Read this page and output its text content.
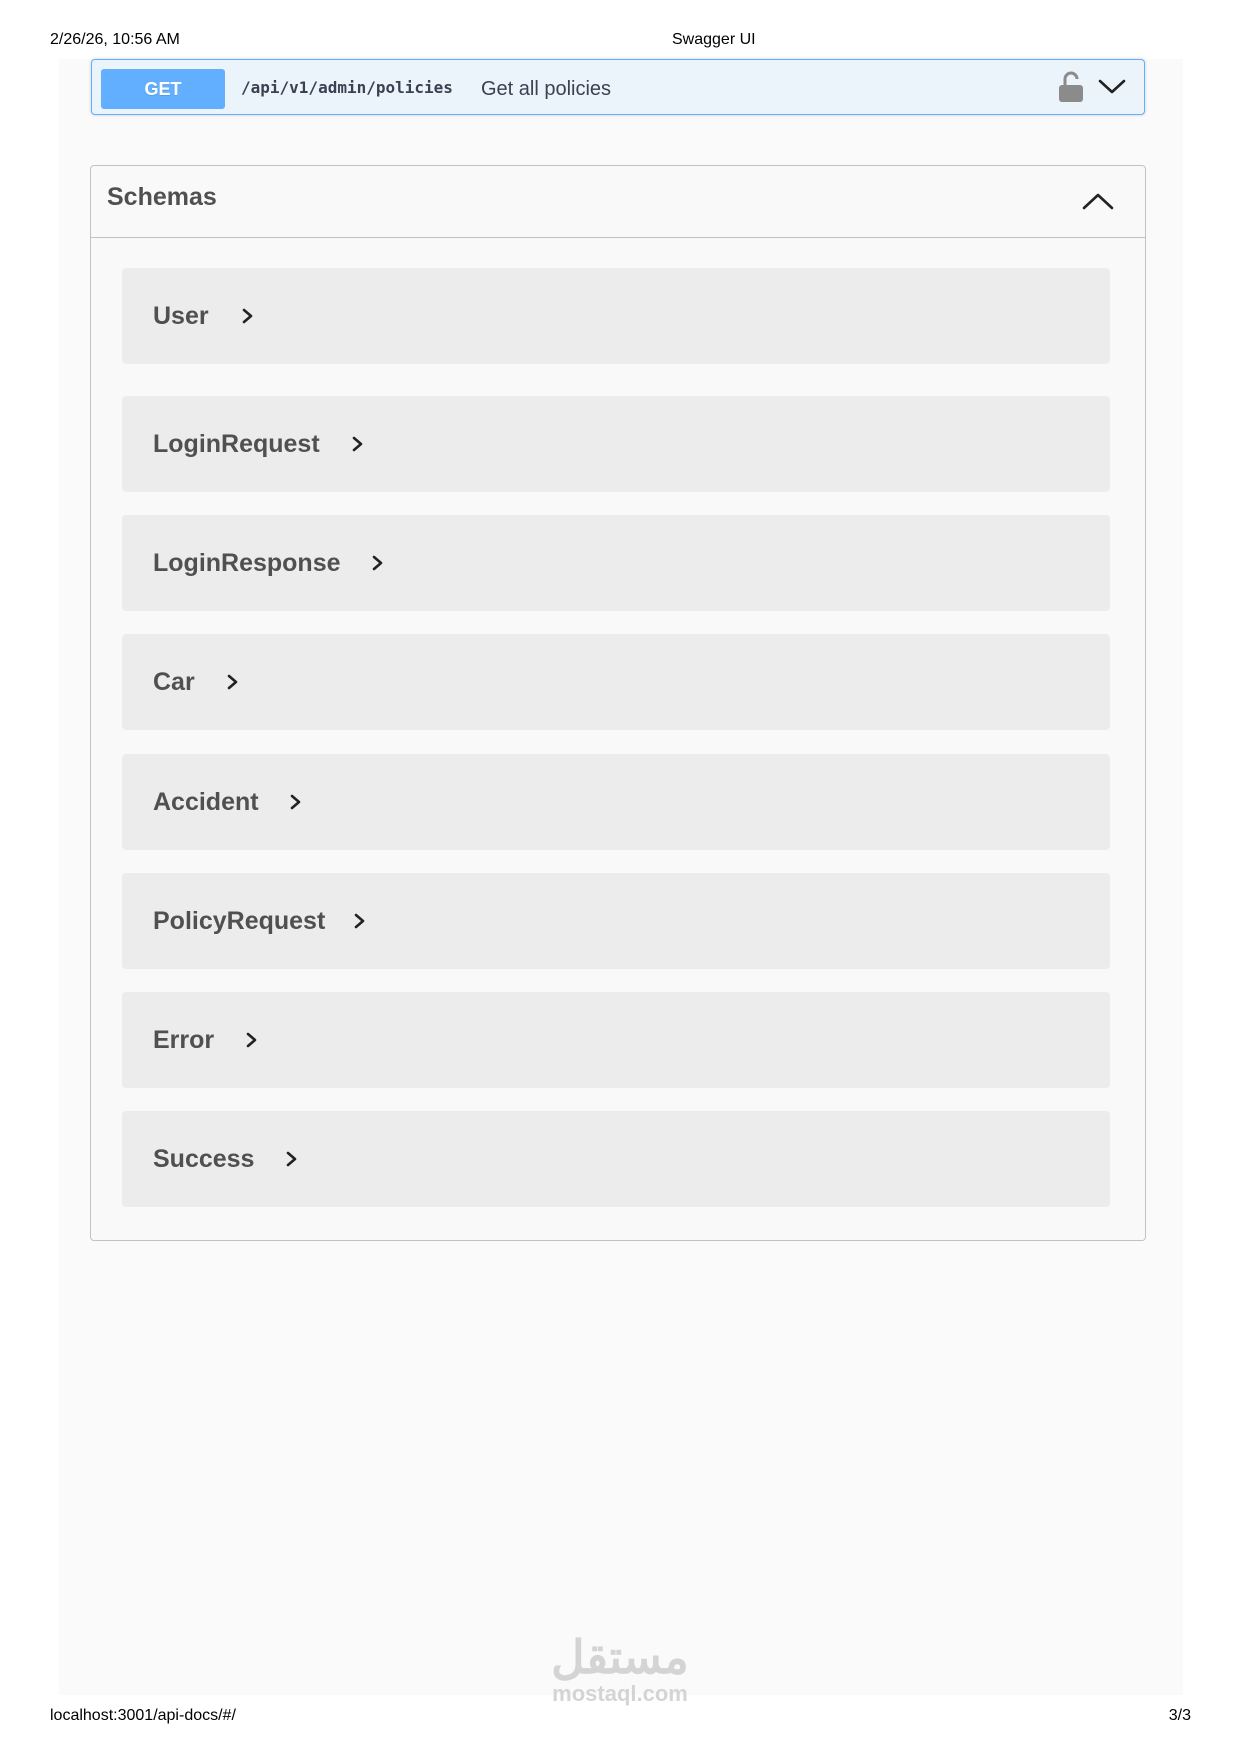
2/26/26, 10:56 AM	Swagger UI
GET	/api/v1/admin/policies Get all policies
Schemas
User
LoginRequest
LoginResponse
Car
Accident
PolicyRequest
Error
Success
مستقل
mostaql.com
localhost:3001/api-docs/#/	3/3
